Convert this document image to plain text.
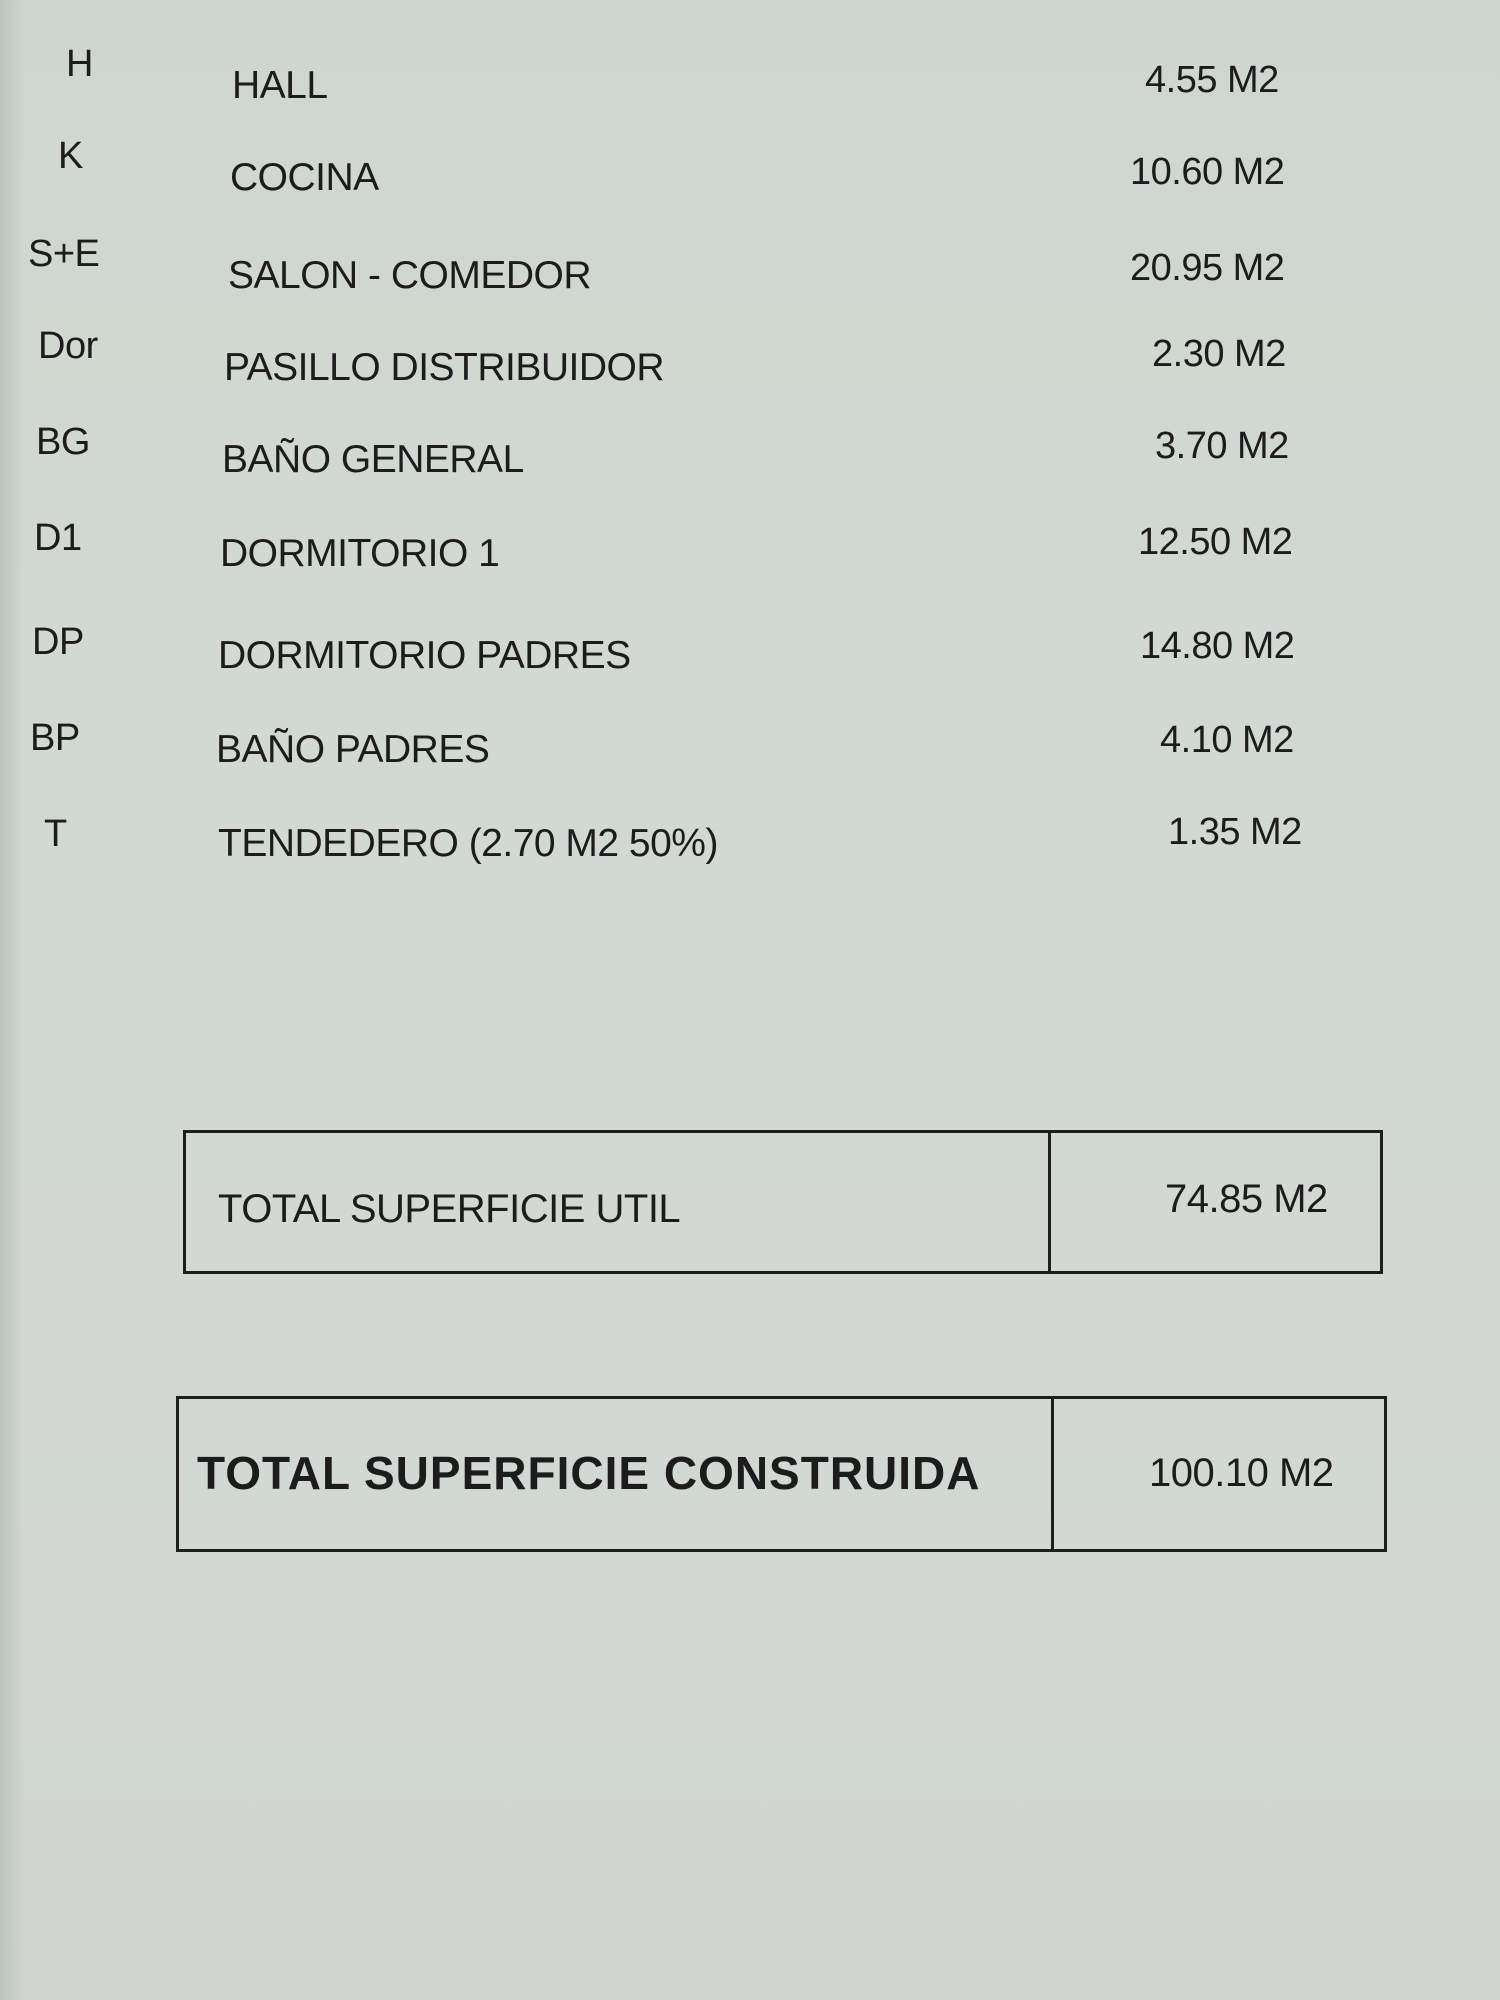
H	HALL	4.55 M2
K	COCINA	10.60 M2
S+E	SALON - COMEDOR	20.95 M2
Dor	PASILLO DISTRIBUIDOR	2.30 M2
BG	BAÑO GENERAL	3.70 M2
D1	DORMITORIO 1	12.50 M2
DP	DORMITORIO PADRES	14.80 M2
BP	BAÑO PADRES	4.10 M2
T	TENDEDERO (2.70 M2 50%)	1.35 M2
TOTAL SUPERFICIE UTIL	74.85 M2
TOTAL SUPERFICIE CONSTRUIDA	100.10 M2
